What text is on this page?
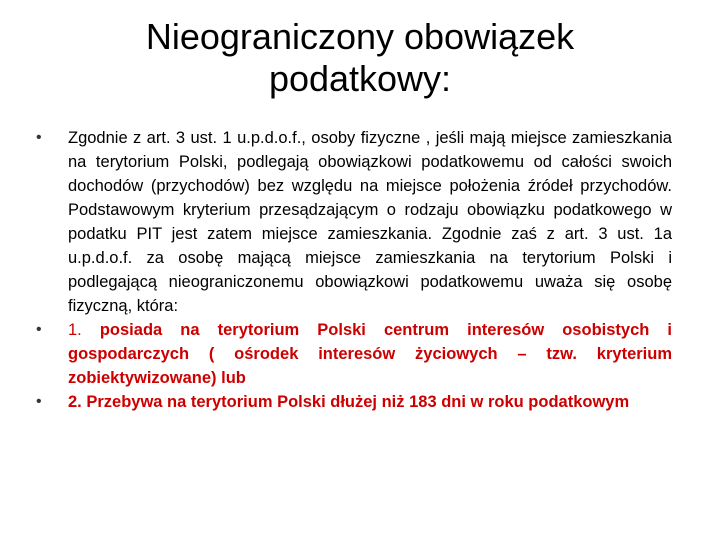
Nieograniczony obowiązek podatkowy:
•	Zgodnie z art. 3 ust. 1 u.p.d.o.f., osoby fizyczne , jeśli mają miejsce zamieszkania na terytorium Polski, podlegają obowiązkowi podatkowemu od całości swoich dochodów (przychodów) bez względu na miejsce położenia źródeł przychodów. Podstawowym kryterium przesądzającym o rodzaju obowiązku podatkowego w podatku PIT jest zatem miejsce zamieszkania. Zgodnie zaś z art. 3 ust. 1a u.p.d.o.f. za osobę mającą miejsce zamieszkania na terytorium Polski i podlegającą nieograniczonemu obowiązkowi podatkowemu uważa się osobę fizyczną, która:
•	1. posiada na terytorium Polski centrum interesów osobistych i gospodarczych ( ośrodek interesów życiowych – tzw. kryterium zobiektywizowane) lub
•	2. Przebywa na terytorium Polski dłużej niż 183 dni w roku podatkowym
